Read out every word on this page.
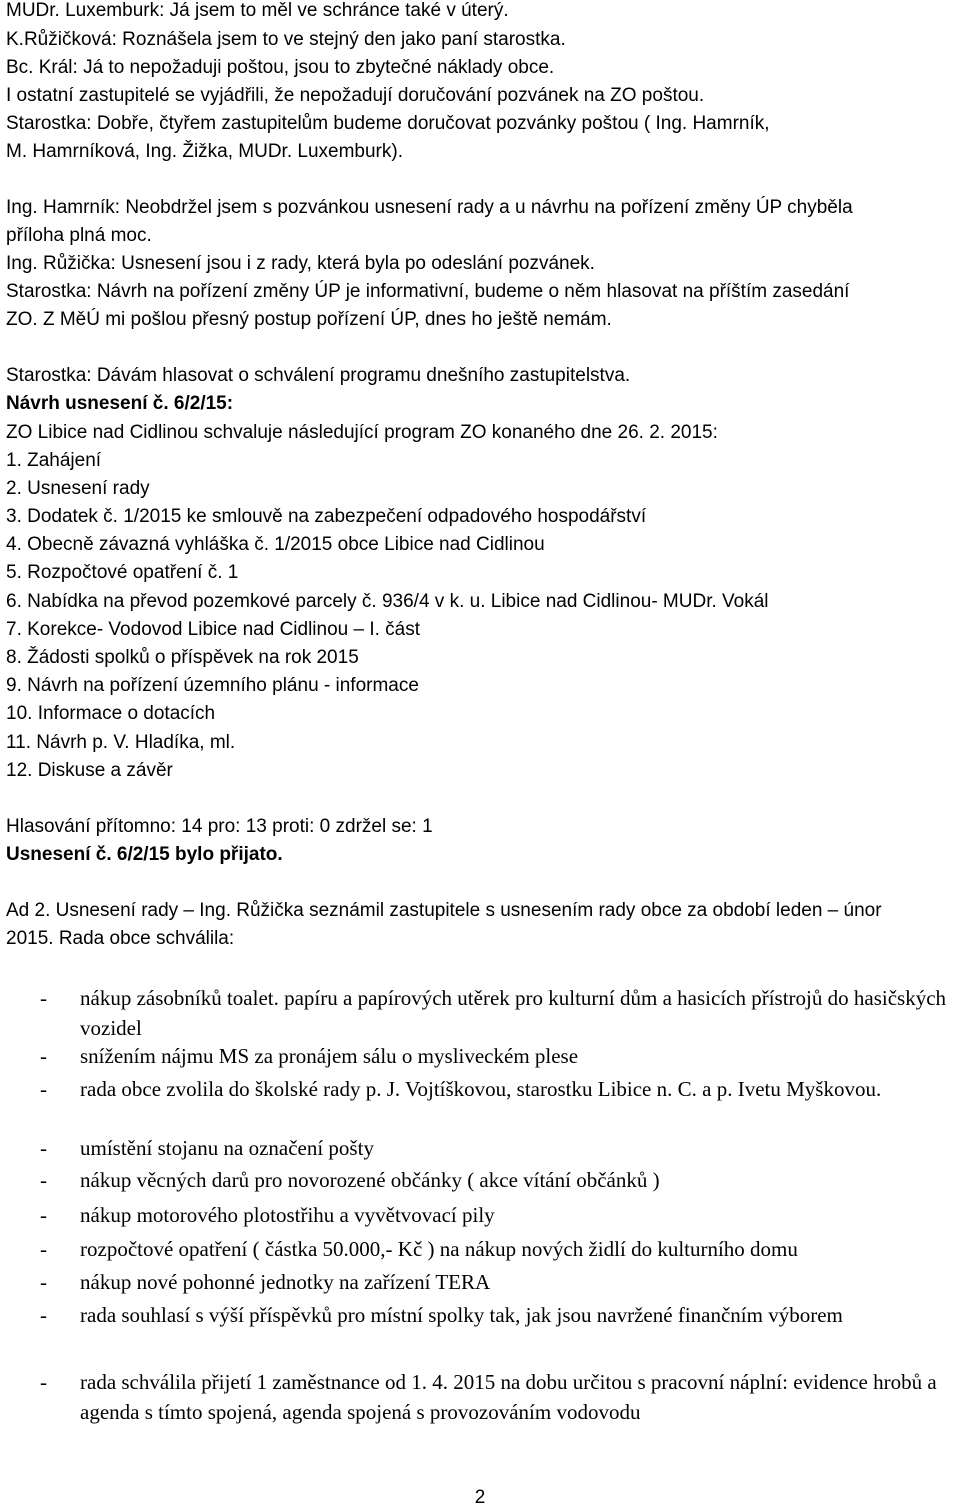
MUDr. Luxemburk: Já jsem to měl ve schránce také v úterý.
K.Růžičková: Roznášela jsem to ve stejný den jako paní starostka.
Bc. Král: Já to nepožaduji poštou, jsou to zbytečné náklady obce.
I ostatní zastupitelé se vyjádřili, že nepožadují doručování pozvánek na ZO poštou.
Starostka: Dobře, čtyřem zastupitelům budeme doručovat pozvánky poštou ( Ing. Hamrník,
M. Hamrníková, Ing. Žižka, MUDr. Luxemburk).
Ing. Hamrník: Neobdržel jsem s pozvánkou usnesení rady a u návrhu na pořízení změny ÚP chyběla
příloha plná moc.
Ing. Růžička: Usnesení jsou i z rady, která byla po odeslání pozvánek.
Starostka: Návrh na pořízení změny ÚP je informativní, budeme o něm hlasovat na příštím zasedání
ZO. Z MěÚ mi pošlou přesný postup pořízení ÚP, dnes ho ještě nemám.
Starostka: Dávám hlasovat o schválení programu dnešního zastupitelstva.
Návrh usnesení č. 6/2/15:
ZO Libice nad Cidlinou schvaluje následující program ZO konaného dne 26. 2. 2015:
1. Zahájení
2. Usnesení rady
3. Dodatek č. 1/2015 ke smlouvě na zabezpečení odpadového hospodářství
4. Obecně závazná vyhláška č. 1/2015 obce Libice nad Cidlinou
5. Rozpočtové opatření č. 1
6. Nabídka na převod pozemkové parcely č. 936/4 v k. u. Libice nad Cidlinou- MUDr. Vokál
7. Korekce- Vodovod Libice nad Cidlinou – I. část
8. Žádosti spolků o příspěvek na rok 2015
9. Návrh na pořízení územního plánu - informace
10. Informace o dotacích
11. Návrh p. V. Hladíka, ml.
12. Diskuse a závěr
Hlasování přítomno: 14 pro: 13 proti: 0 zdržel se: 1
Usnesení č. 6/2/15 bylo přijato.
Ad 2. Usnesení rady – Ing. Růžička seznámil zastupitele s usnesením rady obce za období leden – únor
2015. Rada obce schválila:
- nákup zásobníků toalet. papíru a papírových utěrek pro kulturní dům a hasicích přístrojů do hasičských vozidel
- snížením nájmu MS za pronájem sálu o mysliveckém plese
- rada obce zvolila do školské rady p. J. Vojtíškovou, starostku Libice n. C. a p. Ivetu Myškovou.
- umístění stojanu na označení pošty
- nákup věcných darů pro novorozené občánky ( akce vítání občánků )
- nákup motorového plotostřihu a vyvětvovací pily
- rozpočtové opatření ( částka 50.000,- Kč ) na nákup nových židlí do kulturního domu
- nákup nové pohonné jednotky na zařízení TERA
- rada souhlasí s výší příspěvků pro místní spolky tak, jak jsou navržené finančním výborem
- rada schválila přijetí 1 zaměstnance od 1. 4. 2015 na dobu určitou s pracovní náplní: evidence hrobů a agenda s tímto spojená, agenda spojená s provozováním vodovodu
2
